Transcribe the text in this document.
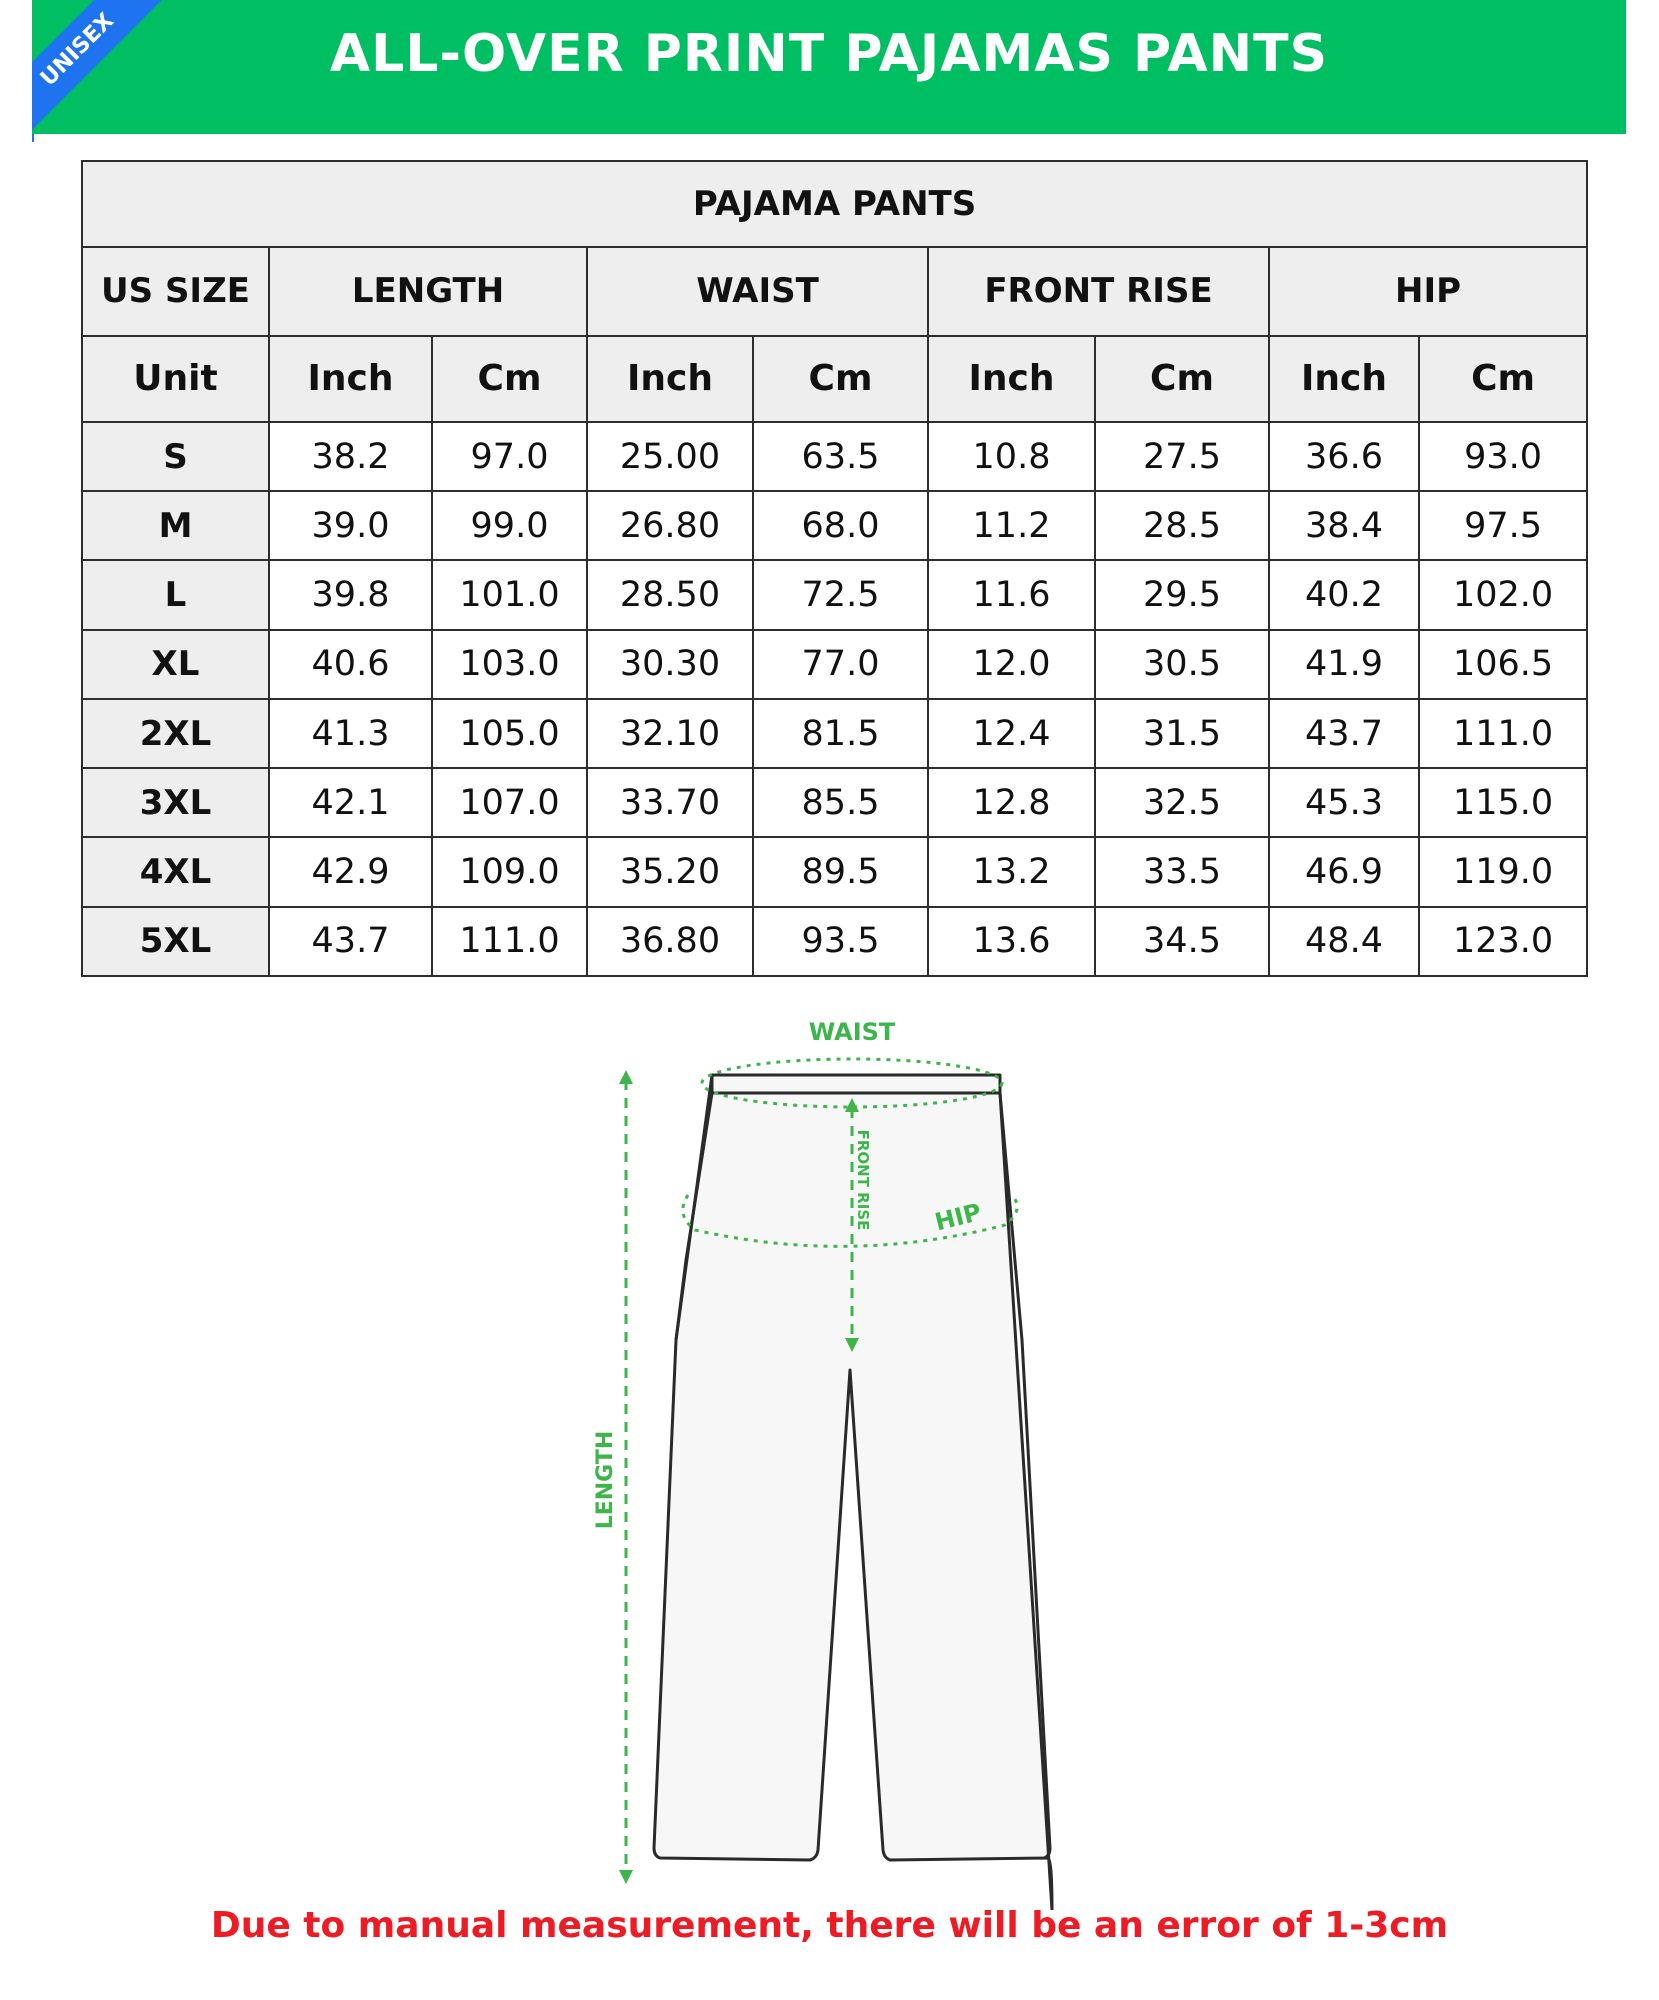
UNISEX	ALL-OVER PRINT PAJAMAS PANTS
PAJAMA PANTS								
US SIZE	LENGTH		WAIST		FRONT RISE		HIP	
Unit	Inch	Cm	Inch	Cm	Inch	Cm	Inch	Cm
S	38.2	97.0	25.00	63.5	10.8	27.5	36.6	93.0
M	39.0	99.0	26.80	68.0	11.2	28.5	38.4	97.5
L	39.8	101.0	28.50	72.5	11.6	29.5	40.2	102.0
XL	40.6	103.0	30.30	77.0	12.0	30.5	41.9	106.5
2XL	41.3	105.0	32.10	81.5	12.4	31.5	43.7	111.0
3XL	42.1	107.0	33.70	85.5	12.8	32.5	45.3	115.0
4XL	42.9	109.0	35.20	89.5	13.2	33.5	46.9	119.0
5XL	43.7	111.0	36.80	93.5	13.6	34.5	48.4	123.0
WAIST
HIP
FRONT RISE
LENGTH
Due to manual measurement, there will be an error of 1-3cm
